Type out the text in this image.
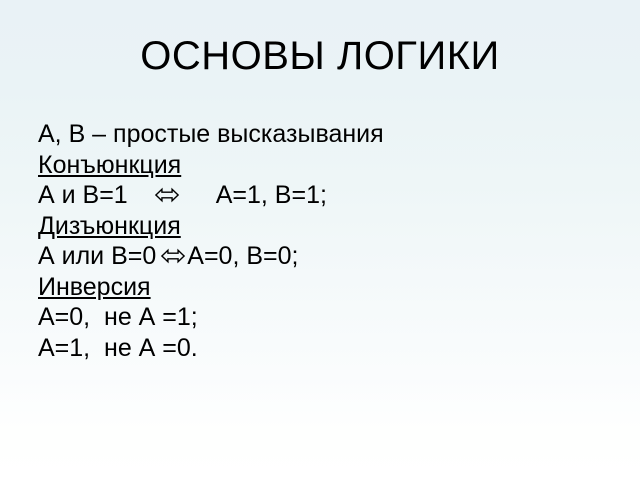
ОСНОВЫ ЛОГИКИ
А, В – простые высказывания
Конъюнкция
А и В=1	А=1, В=1;
Дизъюнкция
А или В=0 А=0, В=0;
Инверсия
А=0,  не А =1;
А=1,  не А =0.
